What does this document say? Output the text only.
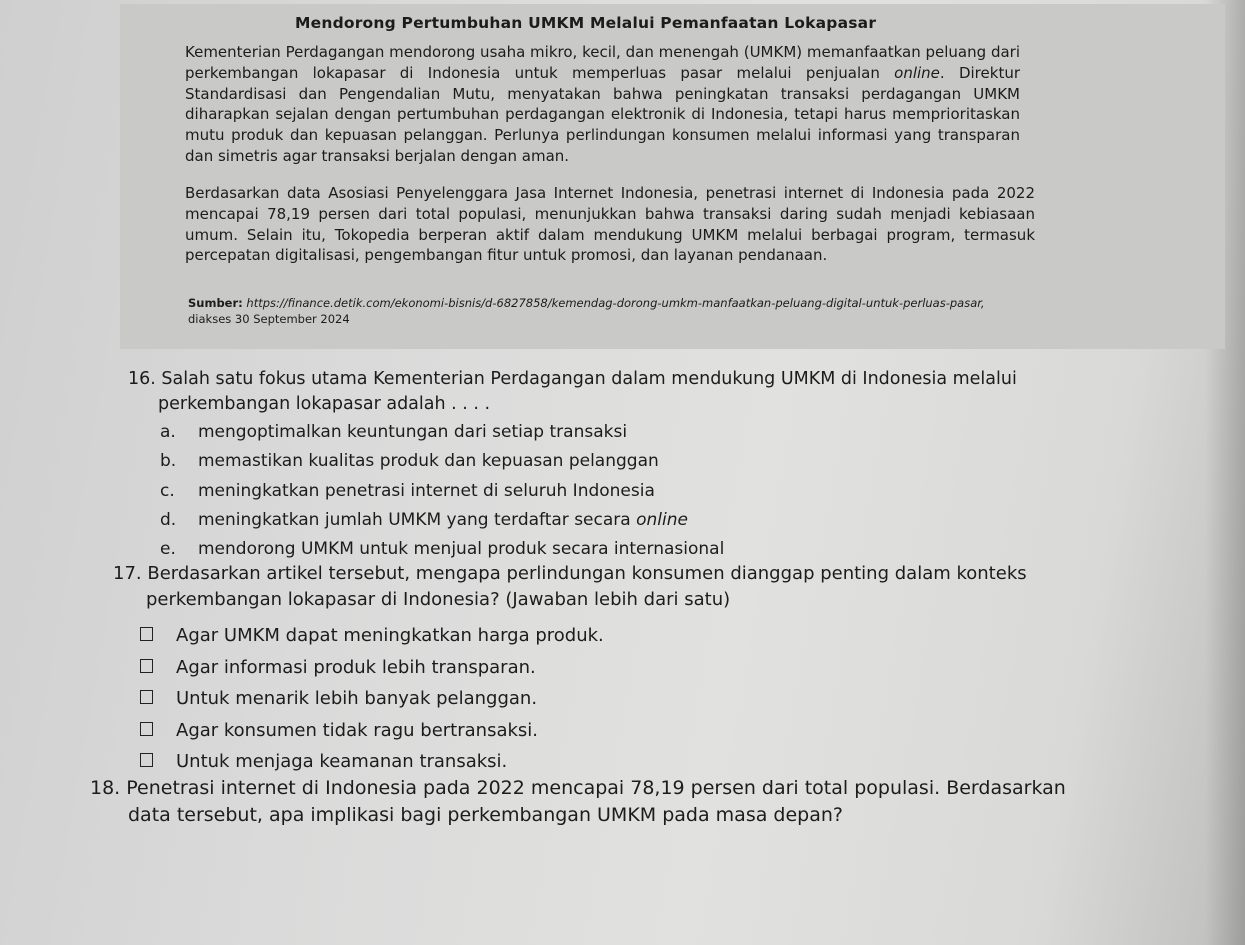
Mendorong Pertumbuhan UMKM Melalui Pemanfaatan Lokapasar

Kementerian Perdagangan mendorong usaha mikro, kecil, dan menengah (UMKM) memanfaatkan peluang dari perkembangan lokapasar di Indonesia untuk memperluas pasar melalui penjualan online. Direktur Standardisasi dan Pengendalian Mutu, menyatakan bahwa peningkatan transaksi perdagangan UMKM diharapkan sejalan dengan pertumbuhan perdagangan elektronik di Indonesia, tetapi harus memprioritaskan mutu produk dan kepuasan pelanggan. Perlunya perlindungan konsumen melalui informasi yang transparan dan simetris agar transaksi berjalan dengan aman.

Berdasarkan data Asosiasi Penyelenggara Jasa Internet Indonesia, penetrasi internet di Indonesia pada 2022 mencapai 78,19 persen dari total populasi, menunjukkan bahwa transaksi daring sudah menjadi kebiasaan umum. Selain itu, Tokopedia berperan aktif dalam mendukung UMKM melalui berbagai program, termasuk percepatan digitalisasi, pengembangan fitur untuk promosi, dan layanan pendanaan.

Sumber: https://finance.detik.com/ekonomi-bisnis/d-6827858/kemendag-dorong-umkm-manfaatkan-peluang-digital-untuk-perluas-pasar,
diakses 30 September 2024

16. Salah satu fokus utama Kementerian Perdagangan dalam mendukung UMKM di Indonesia melalui
perkembangan lokapasar adalah . . . .

a. mengoptimalkan keuntungan dari setiap transaksi
b. memastikan kualitas produk dan kepuasan pelanggan
c. meningkatkan penetrasi internet di seluruh Indonesia
d. meningkatkan jumlah UMKM yang terdaftar secara online
e. mendorong UMKM untuk menjual produk secara internasional

17. Berdasarkan artikel tersebut, mengapa perlindungan konsumen dianggap penting dalam konteks
perkembangan lokapasar di Indonesia? (Jawaban lebih dari satu)

Agar UMKM dapat meningkatkan harga produk.
Agar informasi produk lebih transparan.
Untuk menarik lebih banyak pelanggan.
Agar konsumen tidak ragu bertransaksi.
Untuk menjaga keamanan transaksi.

18. Penetrasi internet di Indonesia pada 2022 mencapai 78,19 persen dari total populasi. Berdasarkan
data tersebut, apa implikasi bagi perkembangan UMKM pada masa depan?
